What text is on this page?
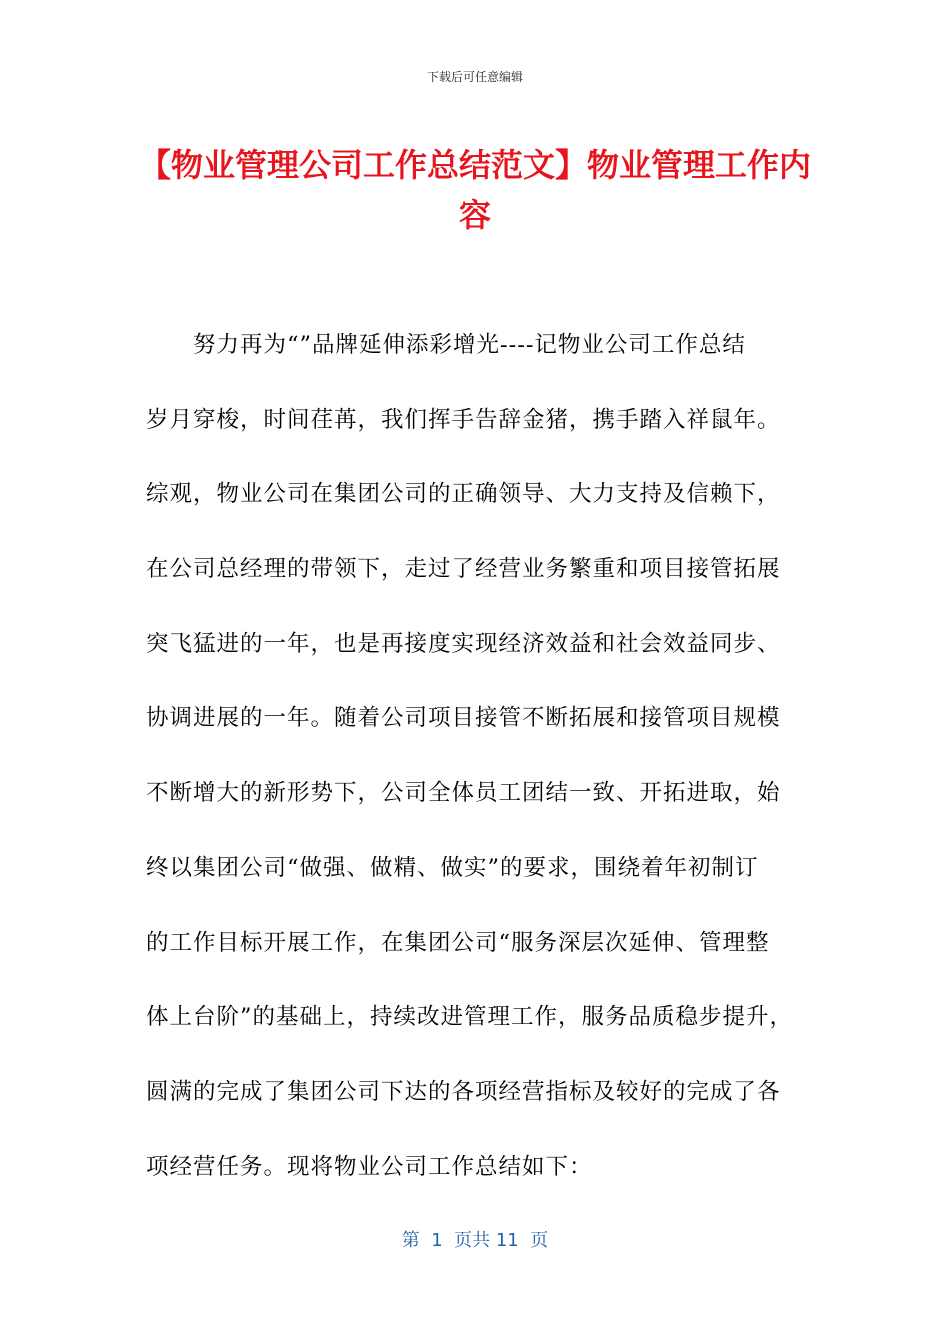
下载后可任意编辑
【物业管理公司工作总结范文】物业管理工作内容
努力再为“”品牌延伸添彩增光----记物业公司工作总结
岁月穿梭，时间荏苒，我们挥手告辞金猪，携手踏入祥鼠年。
综观，物业公司在集团公司的正确领导、大力支持及信赖下，
在公司总经理的带领下，走过了经营业务繁重和项目接管拓展
突飞猛进的一年，也是再接度实现经济效益和社会效益同步、
协调进展的一年。随着公司项目接管不断拓展和接管项目规模
不断增大的新形势下，公司全体员工团结一致、开拓进取，始
终以集团公司“做强、做精、做实”的要求，围绕着年初制订
的工作目标开展工作，在集团公司“服务深层次延伸、管理整
体上台阶”的基础上，持续改进管理工作，服务品质稳步提升，
圆满的完成了集团公司下达的各项经营指标及较好的完成了各
项经营任务。现将物业公司工作总结如下：
第  1  页共 11  页
